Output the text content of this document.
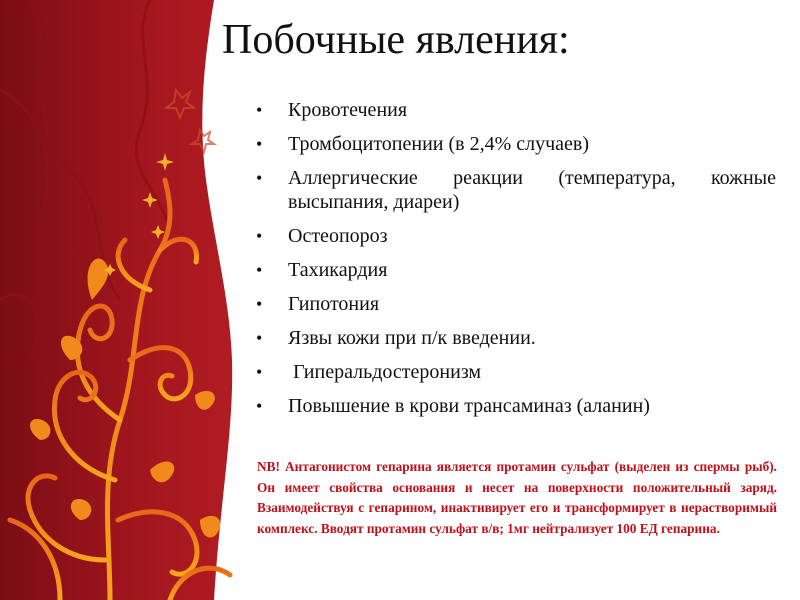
Побочные явления:
• Кровотечения
• Тромбоцитопении (в 2,4% случаев)
• Аллергические реакции (температура, кожные высыпания, диареи)
• Остеопороз
• Тахикардия
• Гипотония
• Язвы кожи при п/к введении.
• Гиперальдостеронизм
• Повышение в крови трансаминаз (аланин)

NB! Антагонистом гепарина является протамин сульфат (выделен из спермы рыб). Он имеет свойства основания и несет на поверхности положительный заряд. Взаимодействуя с гепарином, инактивирует его и трансформирует в нерастворимый комплекс. Вводят протамин сульфат в/в; 1мг нейтрализует 100 ЕД гепарина.
